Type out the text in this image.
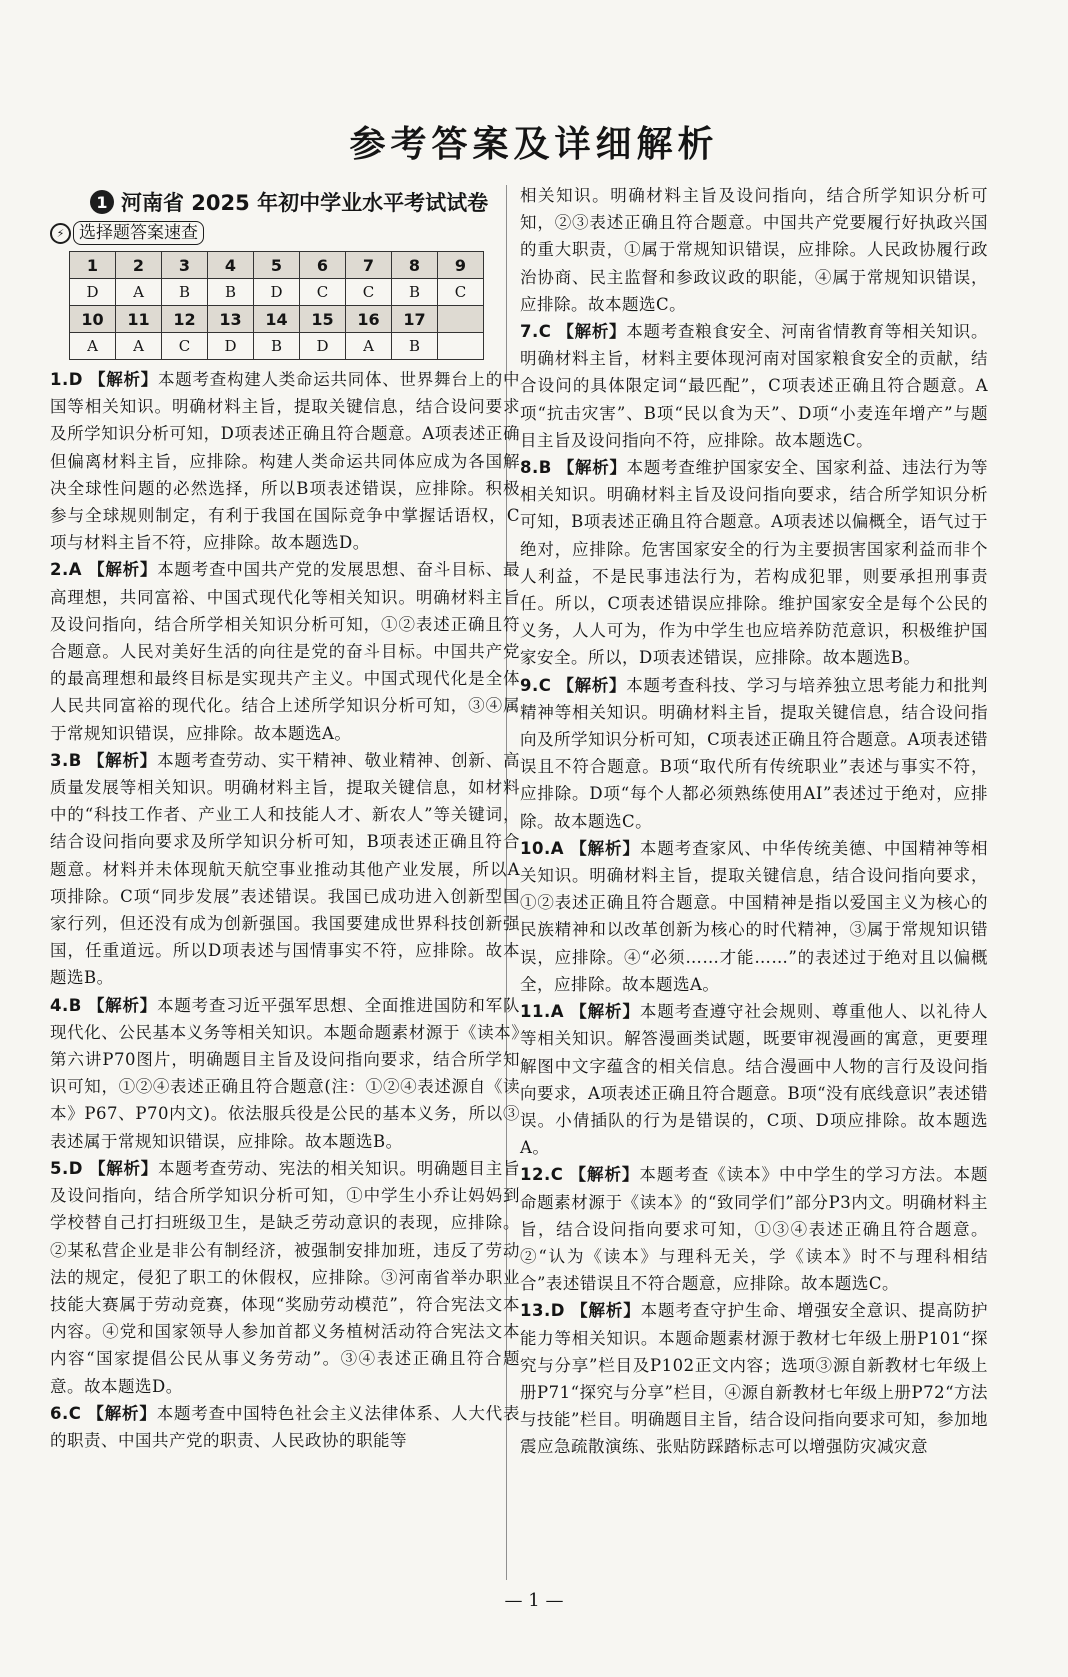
参考答案及详细解析
1 河南省 2025 年初中学业水平考试试卷
⚡ 选择题答案速查
1	2	3	4	5	6	7	8	9
D	A	B	B	D	C	C	B	C
10	11	12	13	14	15	16	17	
A	A	C	D	B	D	A	B	
1.D 【解析】本题考查构建人类命运共同体、世界舞台上的中国等相关知识。明确材料主旨，提取关键信息，结合设问要求及所学知识分析可知，D项表述正确且符合题意。A项表述正确但偏离材料主旨，应排除。构建人类命运共同体应成为各国解决全球性问题的必然选择，所以B项表述错误，应排除。积极参与全球规则制定，有利于我国在国际竞争中掌握话语权，C项与材料主旨不符，应排除。故本题选D。
2.A 【解析】本题考查中国共产党的发展思想、奋斗目标、最高理想，共同富裕、中国式现代化等相关知识。明确材料主旨及设问指向，结合所学相关知识分析可知，①②表述正确且符合题意。人民对美好生活的向往是党的奋斗目标。中国共产党的最高理想和最终目标是实现共产主义。中国式现代化是全体人民共同富裕的现代化。结合上述所学知识分析可知，③④属于常规知识错误，应排除。故本题选A。
3.B 【解析】本题考查劳动、实干精神、敬业精神、创新、高质量发展等相关知识。明确材料主旨，提取关键信息，如材料中的“科技工作者、产业工人和技能人才、新农人”等关键词，结合设问指向要求及所学知识分析可知，B项表述正确且符合题意。材料并未体现航天航空事业推动其他产业发展，所以A项排除。C项“同步发展”表述错误。我国已成功进入创新型国家行列，但还没有成为创新强国。我国要建成世界科技创新强国，任重道远。所以D项表述与国情事实不符，应排除。故本题选B。
4.B 【解析】本题考查习近平强军思想、全面推进国防和军队现代化、公民基本义务等相关知识。本题命题素材源于《读本》第六讲P70图片，明确题目主旨及设问指向要求，结合所学知识可知，①②④表述正确且符合题意(注：①②④表述源自《读本》P67、P70内文)。依法服兵役是公民的基本义务，所以③表述属于常规知识错误，应排除。故本题选B。
5.D 【解析】本题考查劳动、宪法的相关知识。明确题目主旨及设问指向，结合所学知识分析可知，①中学生小乔让妈妈到学校替自己打扫班级卫生，是缺乏劳动意识的表现，应排除。②某私营企业是非公有制经济，被强制安排加班，违反了劳动法的规定，侵犯了职工的休假权，应排除。③河南省举办职业技能大赛属于劳动竞赛，体现“奖励劳动模范”，符合宪法文本内容。④党和国家领导人参加首都义务植树活动符合宪法文本内容“国家提倡公民从事义务劳动”。③④表述正确且符合题意。故本题选D。
6.C 【解析】本题考查中国特色社会主义法律体系、人大代表的职责、中国共产党的职责、人民政协的职能等
相关知识。明确材料主旨及设问指向，结合所学知识分析可知，②③表述正确且符合题意。中国共产党要履行好执政兴国的重大职责，①属于常规知识错误，应排除。人民政协履行政治协商、民主监督和参政议政的职能，④属于常规知识错误，应排除。故本题选C。
7.C 【解析】本题考查粮食安全、河南省情教育等相关知识。明确材料主旨，材料主要体现河南对国家粮食安全的贡献，结合设问的具体限定词“最匹配”，C项表述正确且符合题意。A项“抗击灾害”、B项“民以食为天”、D项“小麦连年增产”与题目主旨及设问指向不符，应排除。故本题选C。
8.B 【解析】本题考查维护国家安全、国家利益、违法行为等相关知识。明确材料主旨及设问指向要求，结合所学知识分析可知，B项表述正确且符合题意。A项表述以偏概全，语气过于绝对，应排除。危害国家安全的行为主要损害国家利益而非个人利益，不是民事违法行为，若构成犯罪，则要承担刑事责任。所以，C项表述错误应排除。维护国家安全是每个公民的义务，人人可为，作为中学生也应培养防范意识，积极维护国家安全。所以，D项表述错误，应排除。故本题选B。
9.C 【解析】本题考查科技、学习与培养独立思考能力和批判精神等相关知识。明确材料主旨，提取关键信息，结合设问指向及所学知识分析可知，C项表述正确且符合题意。A项表述错误且不符合题意。B项“取代所有传统职业”表述与事实不符，应排除。D项“每个人都必须熟练使用AI”表述过于绝对，应排除。故本题选C。
10.A 【解析】本题考查家风、中华传统美德、中国精神等相关知识。明确材料主旨，提取关键信息，结合设问指向要求，①②表述正确且符合题意。中国精神是指以爱国主义为核心的民族精神和以改革创新为核心的时代精神，③属于常规知识错误，应排除。④“必须……才能……”的表述过于绝对且以偏概全，应排除。故本题选A。
11.A 【解析】本题考查遵守社会规则、尊重他人、以礼待人等相关知识。解答漫画类试题，既要审视漫画的寓意，更要理解图中文字蕴含的相关信息。结合漫画中人物的言行及设问指向要求，A项表述正确且符合题意。B项“没有底线意识”表述错误。小倩插队的行为是错误的，C项、D项应排除。故本题选A。
12.C 【解析】本题考查《读本》中中学生的学习方法。本题命题素材源于《读本》的“致同学们”部分P3内文。明确材料主旨，结合设问指向要求可知，①③④表述正确且符合题意。②“认为《读本》与理科无关，学《读本》时不与理科相结合”表述错误且不符合题意，应排除。故本题选C。
13.D 【解析】本题考查守护生命、增强安全意识、提高防护能力等相关知识。本题命题素材源于教材七年级上册P101“探究与分享”栏目及P102正文内容；选项③源自新教材七年级上册P71“探究与分享”栏目，④源自新教材七年级上册P72“方法与技能”栏目。明确题目主旨，结合设问指向要求可知，参加地震应急疏散演练、张贴防踩踏标志可以增强防灾减灾意
— 1 —
